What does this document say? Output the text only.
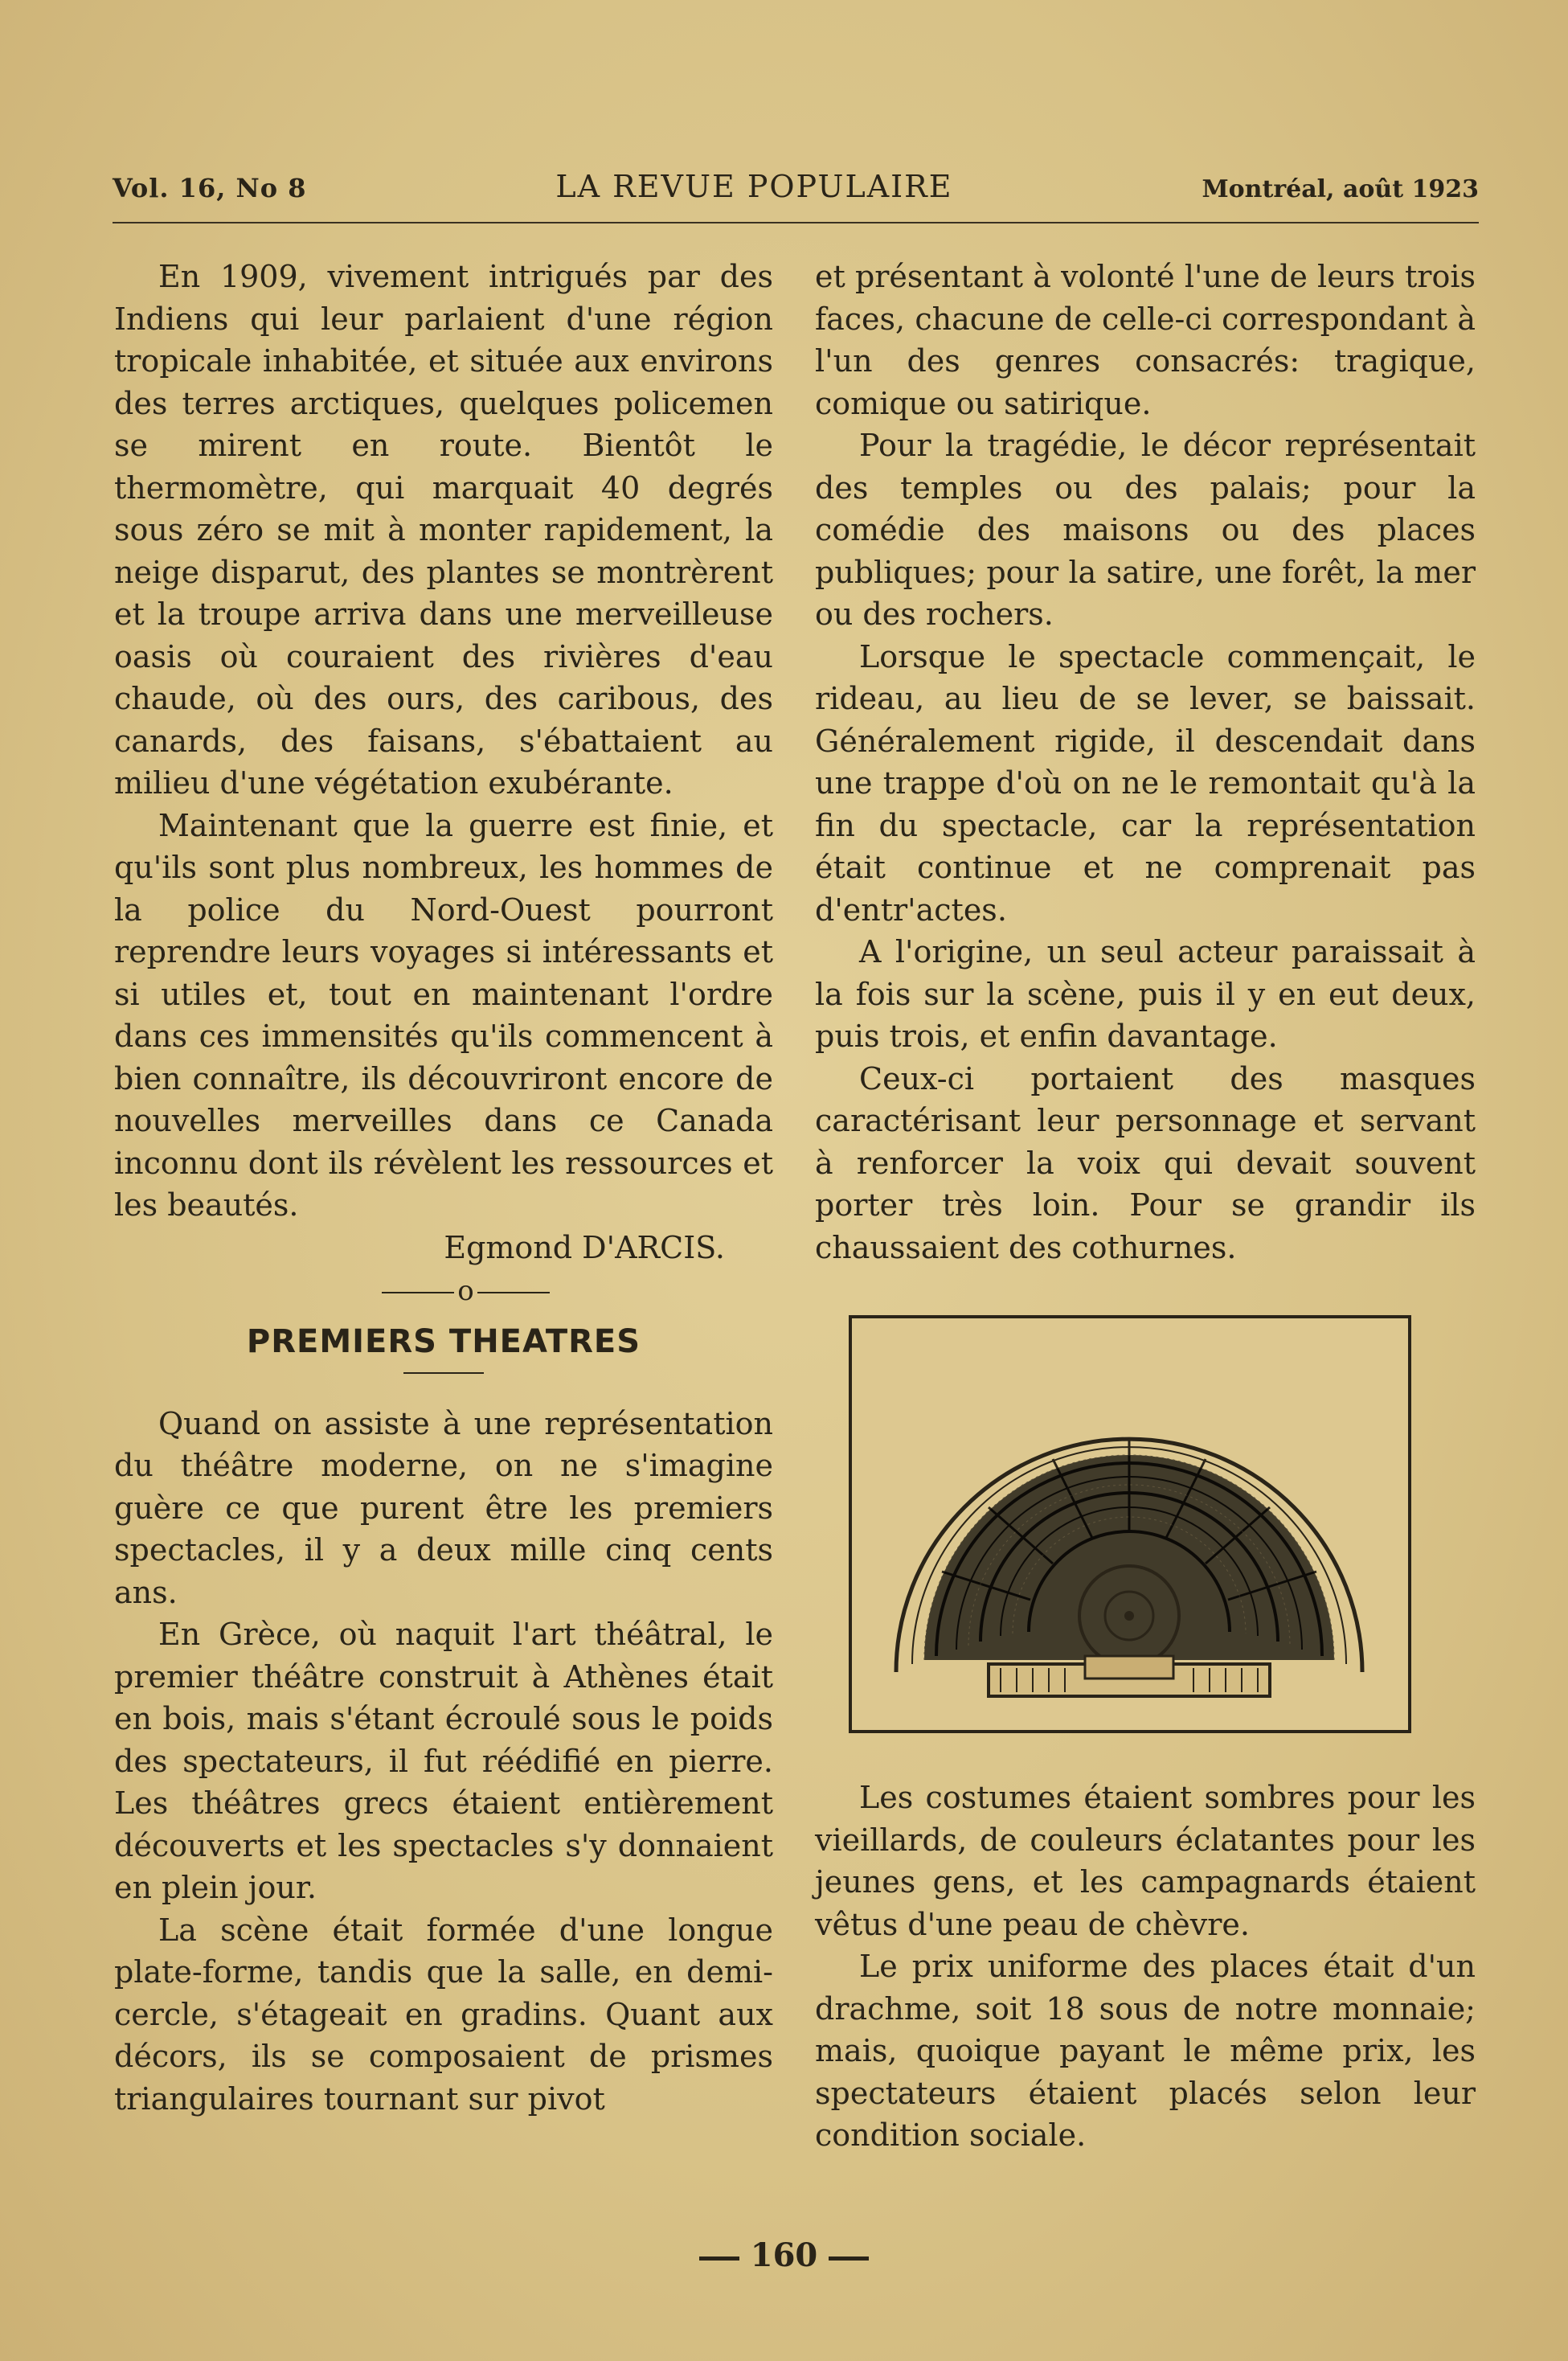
Vol. 16, No 8	LA REVUE POPULAIRE	Montréal, août 1923

En 1909, vivement intrigués par des Indiens qui leur parlaient d'une région tropicale inhabitée, et située aux environs des terres arctiques, quelques policemen se mirent en route. Bientôt le thermomètre, qui marquait 40 degrés sous zéro se mit à monter rapidement, la neige disparut, des plantes se montrèrent et la troupe arriva dans une merveilleuse oasis où couraient des rivières d'eau chaude, où des ours, des caribous, des canards, des faisans, s'ébattaient au milieu d'une végétation exubérante.

Maintenant que la guerre est finie, et qu'ils sont plus nombreux, les hommes de la police du Nord-Ouest pourront reprendre leurs voyages si intéressants et si utiles et, tout en maintenant l'ordre dans ces immensités qu'ils commencent à bien connaître, ils découvriront encore de nouvelles merveilles dans ce Canada inconnu dont ils révèlent les ressources et les beautés.

Egmond D'ARCIS.

o

PREMIERS THEATRES

Quand on assiste à une représentation du théâtre moderne, on ne s'imagine guère ce que purent être les premiers spectacles, il y a deux mille cinq cents ans.

En Grèce, où naquit l'art théâtral, le premier théâtre construit à Athènes était en bois, mais s'étant écroulé sous le poids des spectateurs, il fut réédifié en pierre. Les théâtres grecs étaient entièrement découverts et les spectacles s'y donnaient en plein jour.

La scène était formée d'une longue plate-forme, tandis que la salle, en demi-cercle, s'étageait en gradins. Quant aux décors, ils se composaient de prismes triangulaires tournant sur pivot

et présentant à volonté l'une de leurs trois faces, chacune de celle-ci correspondant à l'un des genres consacrés: tragique, comique ou satirique.

Pour la tragédie, le décor représentait des temples ou des palais; pour la comédie des maisons ou des places publiques; pour la satire, une forêt, la mer ou des rochers.

Lorsque le spectacle commençait, le rideau, au lieu de se lever, se baissait. Généralement rigide, il descendait dans une trappe d'où on ne le remontait qu'à la fin du spectacle, car la représentation était continue et ne comprenait pas d'entr'actes.

A l'origine, un seul acteur paraissait à la fois sur la scène, puis il y en eut deux, puis trois, et enfin davantage.

Ceux-ci portaient des masques caractérisant leur personnage et servant à renforcer la voix qui devait souvent porter très loin. Pour se grandir ils chaussaient des cothurnes.

Les costumes étaient sombres pour les vieillards, de couleurs éclatantes pour les jeunes gens, et les campagnards étaient vêtus d'une peau de chèvre.

Le prix uniforme des places était d'un drachme, soit 18 sous de notre monnaie; mais, quoique payant le même prix, les spectateurs étaient placés selon leur condition sociale.

160
